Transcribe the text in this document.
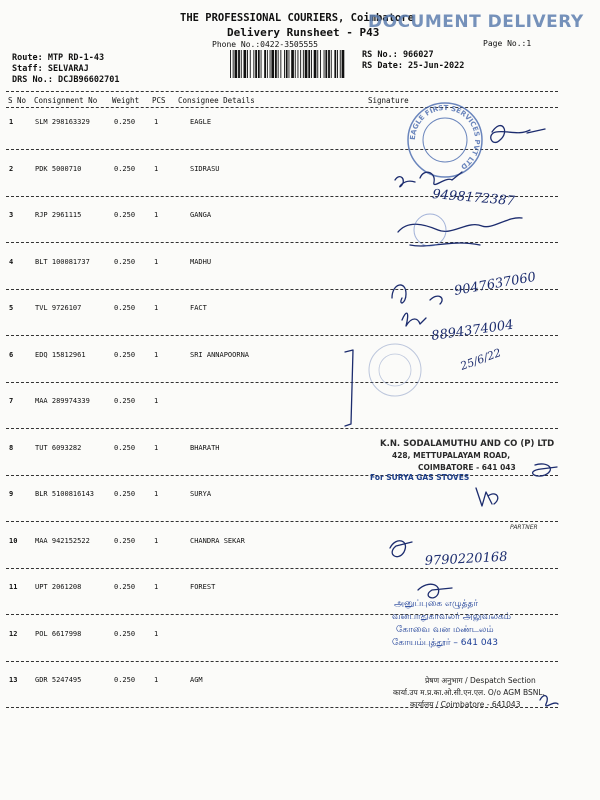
THE PROFESSIONAL COURIERS, Coimbatore
DOCUMENT DELIVERY
Delivery Runsheet - P43
Phone No.:0422-3505555	Page No.:1
Route: MTP RD-1-43
Staff: SELVARAJ
DRS No.: DCJB96602701
RS No.: 966027
RS Date: 25-Jun-2022
S No Consignment No Weight PCS Consignee Details	Signature
1	SLM 298163329	0.250	1	EAGLE
2	PDK 5000710	0.250	1	SIDRASU
3	RJP 2961115	0.250	1	GANGA
4	BLT 100081737	0.250	1	MADHU
5	TVL 9726107	0.250	1	FACT
6	EDQ 15812961	0.250	1	SRI ANNAPOORNA
7	MAA 289974339	0.250	1
8	TUT 6093282	0.250	1	BHARATH
9	BLR 5100816143	0.250	1	SURYA
10	MAA 942152522	0.250	1	CHANDRA SEKAR
11	UPT 2061208	0.250	1	FOREST
12	POL 6617998	0.250	1
13	GDR 5247495	0.250	1	AGM
EAGLE FIRST SERVICES PVT LTD
9498172387
9047637060
8894374004
25/6/22
K.N. SODALAMUTHU AND CO (P) LTD
428, METTUPALAYAM ROAD,
COIMBATORE - 641 043
For SURYA GAS STOVES
PARTNER
9790220168
அனுப்புகை எழுத்தர்
வனபாதுகாவலர் அலுவலகம்
கோவை வன மண்டலம்
கோயம்புத்தூர் – 641 043
प्रेषण अनुभाग / Despatch Section
कार्या.उप म.प्र.का.ओ.सी.एन.एल. O/o AGM BSNL,
कार्यालय / Coimbatore - 641043
